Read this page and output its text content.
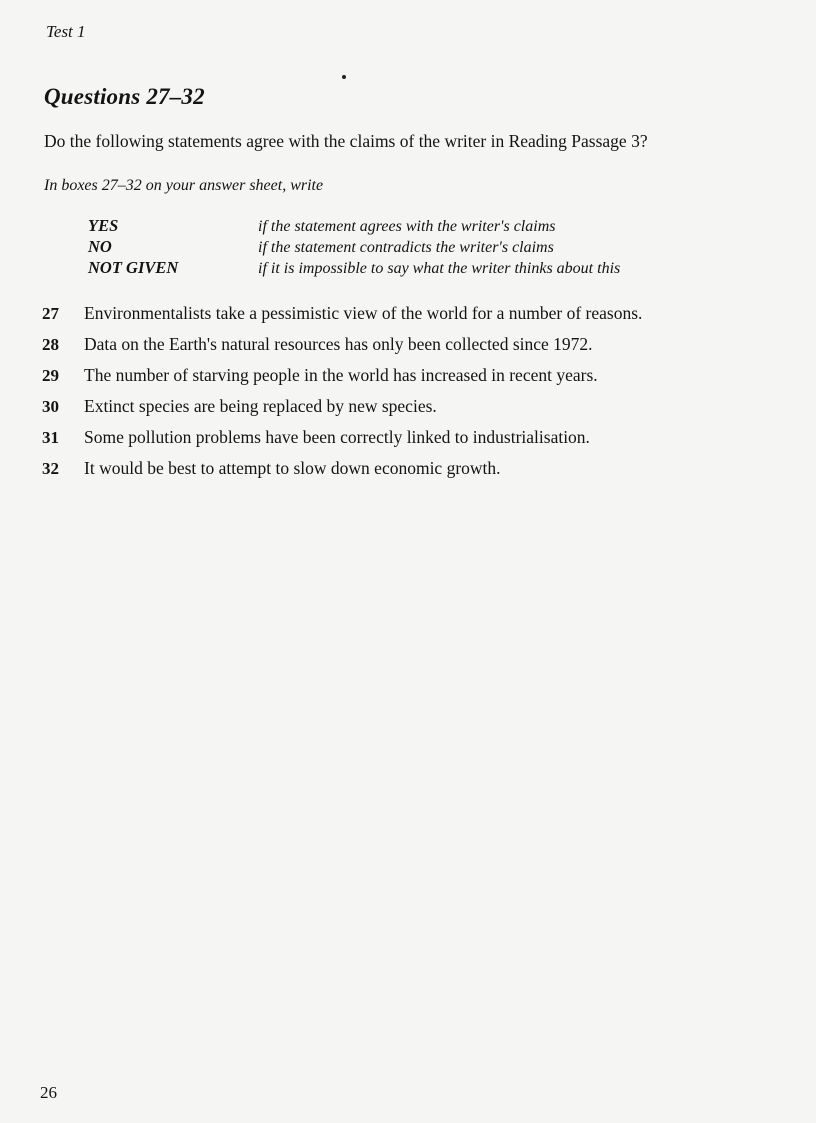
Test 1
Questions 27–32
Do the following statements agree with the claims of the writer in Reading Passage 3?
In boxes 27–32 on your answer sheet, write
YES	if the statement agrees with the writer's claims
NO	if the statement contradicts the writer's claims
NOT GIVEN	if it is impossible to say what the writer thinks about this
27	Environmentalists take a pessimistic view of the world for a number of reasons.
28	Data on the Earth's natural resources has only been collected since 1972.
29	The number of starving people in the world has increased in recent years.
30	Extinct species are being replaced by new species.
31	Some pollution problems have been correctly linked to industrialisation.
32	It would be best to attempt to slow down economic growth.
26
